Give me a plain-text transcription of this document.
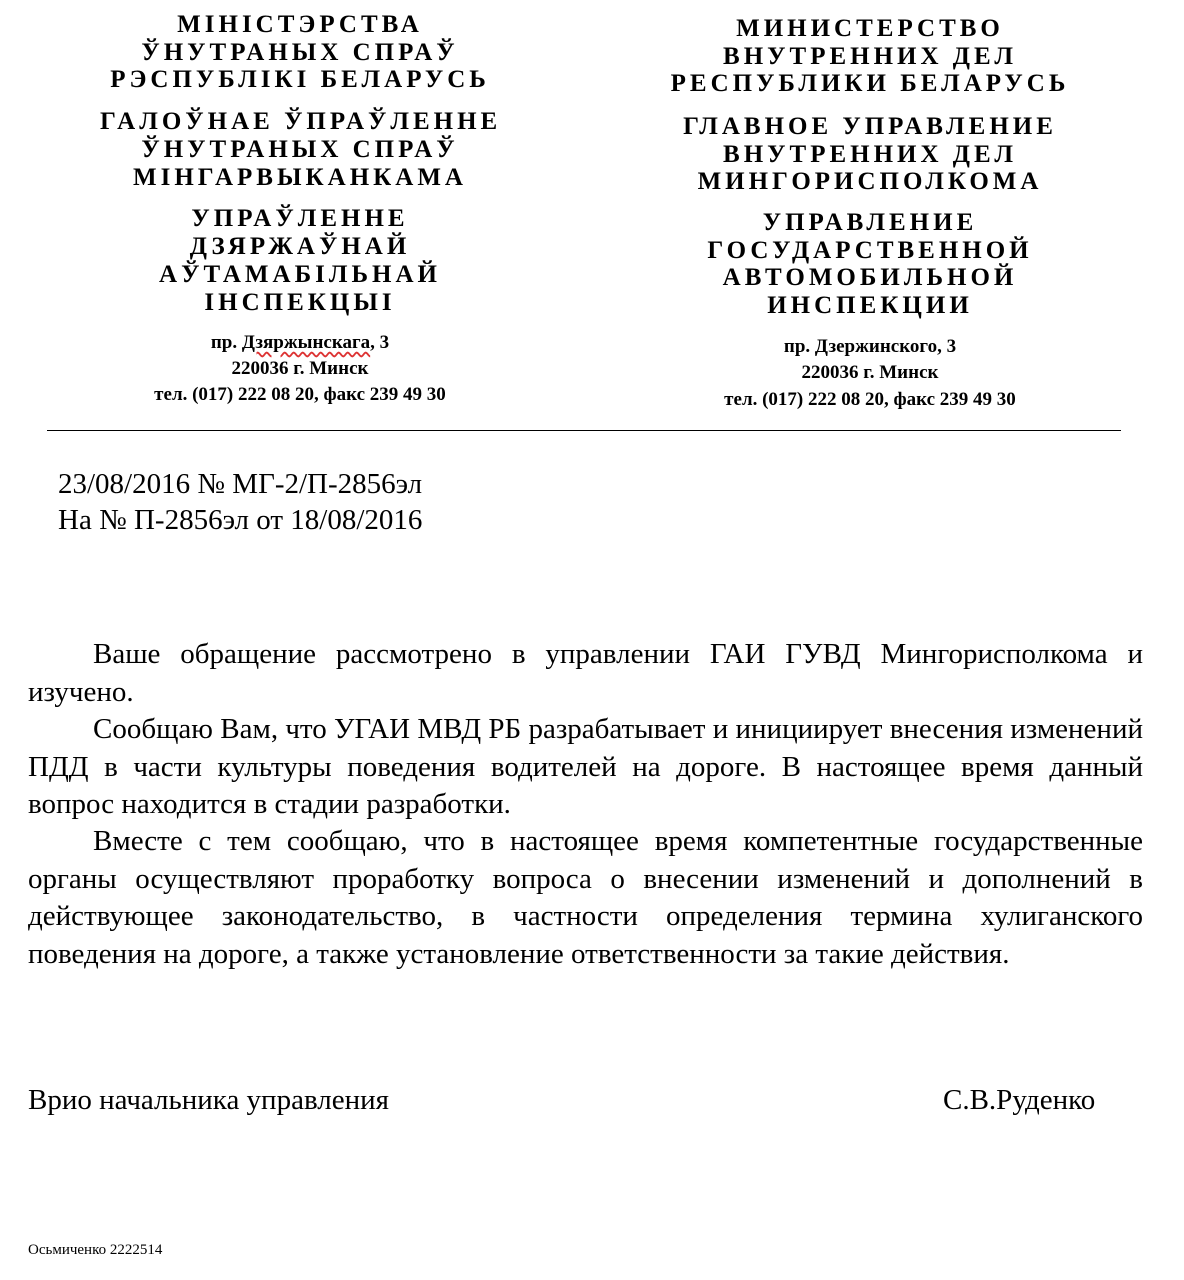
МІНІСТЭРСТВА
ЎНУТРАНЫХ СПРАЎ
РЭСПУБЛІКІ БЕЛАРУСЬ
ГАЛОЎНАЕ ЎПРАЎЛЕННЕ
ЎНУТРАНЫХ СПРАЎ
МІНГАРВЫКАНКАМА
УПРАЎЛЕННЕ
ДЗЯРЖАЎНАЙ
АЎТАМАБІЛЬНАЙ
ІНСПЕКЦЫІ
пр. Дзяржынскага, 3
220036 г. Минск
тел. (017) 222 08 20, факс 239 49 30
МИНИСТЕРСТВО
ВНУТРЕННИХ ДЕЛ
РЕСПУБЛИКИ БЕЛАРУСЬ
ГЛАВНОЕ УПРАВЛЕНИЕ
ВНУТРЕННИХ ДЕЛ
МИНГОРИСПОЛКОМА
УПРАВЛЕНИЕ
ГОСУДАРСТВЕННОЙ
АВТОМОБИЛЬНОЙ
ИНСПЕКЦИИ
пр. Дзержинского, 3
220036 г. Минск
тел. (017) 222 08 20, факс 239 49 30
23/08/2016 № МГ-2/П-2856эл
На № П-2856эл от 18/08/2016

Ваше обращение рассмотрено в управлении ГАИ ГУВД Мингорисполкома и изучено.

Сообщаю Вам, что УГАИ МВД РБ разрабатывает и инициирует внесения изменений ПДД в части культуры поведения водителей на дороге. В настоящее время данный вопрос находится в стадии разработки.

Вместе с тем сообщаю, что в настоящее время компетентные государственные органы осуществляют проработку вопроса о внесении изменений и дополнений в действующее законодательство, в частности определения термина хулиганского поведения на дороге, а также установление ответственности за такие действия.

Врио начальника управления	С.В.Руденко
Осьмиченко 2222514
